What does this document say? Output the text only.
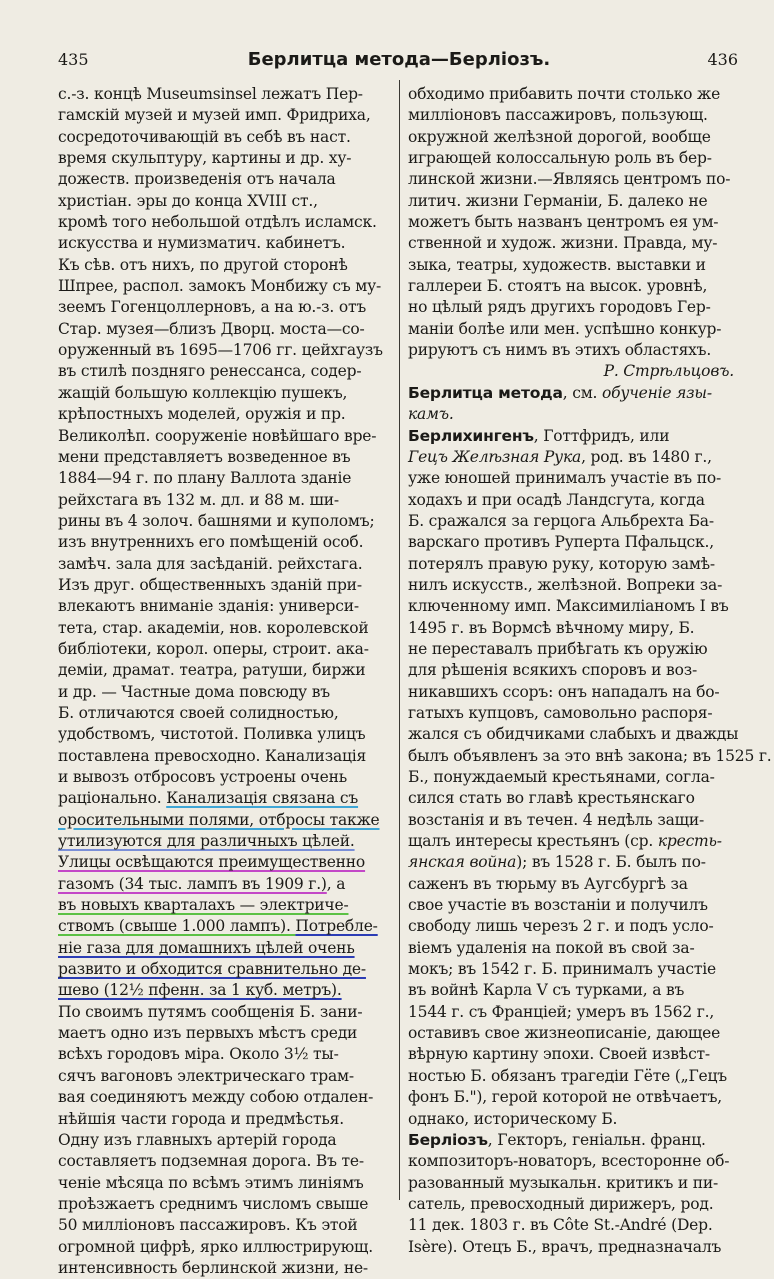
435	Берлитца метода—Берліозъ.	436
с.-з. концѣ Museumsinsel лежатъ Пер-
гамскій музей и музей имп. Фридриха,
сосредоточивающій въ себѣ въ наст.
время скульптуру, картины и др. ху-
дожеств. произведенія отъ начала
христіан. эры до конца XVIII ст.,
кромѣ того небольшой отдѣлъ исламск.
искусства и нумизматич. кабинетъ.
Къ сѣв. отъ нихъ, по другой сторонѣ
Шпрее, распол. замокъ Монбижу съ му-
зеемъ Гогенцоллерновъ, а на ю.-з. отъ
Стар. музея—близъ Дворц. моста—со-
оруженный въ 1695—1706 гг. цейхгаузъ
въ стилѣ поздняго ренессанса, содер-
жащій большую коллекцію пушекъ,
крѣпостныхъ моделей, оружія и пр.
Великолѣп. сооруженіе новѣйшаго вре-
мени представляетъ возведенное въ
1884—94 г. по плану Валлота зданіе
рейхстага въ 132 м. дл. и 88 м. ши-
рины въ 4 золоч. башнями и куполомъ;
изъ внутреннихъ его помѣщеній особ.
замѣч. зала для засѣданій. рейхстага.
Изъ друг. общественныхъ зданій при-
влекаютъ вниманіе зданія: универси-
тета, стар. академіи, нов. королевской
библіотеки, корол. оперы, строит. ака-
деміи, драмат. театра, ратуши, биржи
и др. — Частные дома повсюду въ
Б. отличаются своей солидностью,
удобствомъ, чистотой. Поливка улицъ
поставлена превосходно. Канализація
и вывозъ отбросовъ устроены очень
раціонально. Канализація связана съ
оросительными полями, отбросы также
утилизуются для различныхъ цѣлей.
Улицы освѣщаются преимущественно
газомъ (34 тыс. лампъ въ 1909 г.), а
въ новыхъ кварталахъ — электриче-
ствомъ (свыше 1.000 лампъ). Потребле-
ніе газа для домашнихъ цѣлей очень
развито и обходится сравнительно де-
шево (12½ пфенн. за 1 куб. метръ).
По своимъ путямъ сообщенія Б. зани-
маетъ одно изъ первыхъ мѣстъ среди
всѣхъ городовъ міра. Около 3½ ты-
сячъ вагоновъ электрическаго трам-
вая соединяютъ между собою отдален-
нѣйшія части города и предмѣстья.
Одну изъ главныхъ артерій города
составляетъ подземная дорога. Въ те-
ченіе мѣсяца по всѣмъ этимъ линіямъ
проѣзжаетъ среднимъ числомъ свыше
50 милліоновъ пассажировъ. Къ этой
огромной цифрѣ, ярко иллюстрирующ.
интенсивность берлинской жизни, не-
обходимо прибавить почти столько же
милліоновъ пассажировъ, пользующ.
окружной желѣзной дорогой, вообще
играющей колоссальную роль въ бер-
линской жизни.—Являясь центромъ по-
литич. жизни Германіи, Б. далеко не
можетъ быть названъ центромъ ея ум-
ственной и худож. жизни. Правда, му-
зыка, театры, художеств. выставки и
галлереи Б. стоятъ на высок. уровнѣ,
но цѣлый рядъ другихъ городовъ Гер-
маніи болѣе или мен. успѣшно конкур-
рируютъ съ нимъ въ этихъ областяхъ.
Р. Стрѣльцовъ.
Берлитца метода, см. обученіе язы-
камъ.
Берлихингенъ, Готтфридъ, или
Гецъ Желѣзная Рука, род. въ 1480 г.,
уже юношей принималъ участіе въ по-
ходахъ и при осадѣ Ландсгута, когда
Б. сражался за герцога Альбрехта Ба-
варскаго противъ Руперта Пфальцск.,
потерялъ правую руку, которую замѣ-
нилъ искусств., желѣзной. Вопреки за-
ключенному имп. Максимиліаномъ I въ
1495 г. въ Вормсѣ вѣчному миру, Б.
не переставалъ прибѣгать къ оружію
для рѣшенія всякихъ споровъ и воз-
никавшихъ ссоръ: онъ нападалъ на бо-
гатыхъ купцовъ, самовольно распоря-
жался съ обидчиками слабыхъ и дважды
былъ объявленъ за это внѣ закона; въ 1525 г.
Б., понуждаемый крестьянами, согла-
сился стать во главѣ крестьянскаго
возстанія и въ течен. 4 недѣль защи-
щалъ интересы крестьянъ (ср. кресть-
янская война); въ 1528 г. Б. былъ по-
саженъ въ тюрьму въ Аугсбургѣ за
свое участіе въ возстаніи и получилъ
свободу лишь черезъ 2 г. и подъ усло-
віемъ удаленія на покой въ свой за-
мокъ; въ 1542 г. Б. принималъ участіе
въ войнѣ Карла V съ турками, а въ
1544 г. съ Франціей; умеръ въ 1562 г.,
оставивъ свое жизнеописаніе, дающее
вѣрную картину эпохи. Своей извѣст-
ностью Б. обязанъ трагедіи Гёте („Гецъ
фонъ Б."), герой которой не отвѣчаетъ,
однако, историческому Б.
Берліозъ, Гекторъ, геніальн. франц.
композиторъ-новаторъ, всесторонне об-
разованный музыкальн. критикъ и пи-
сатель, превосходный дирижеръ, род.
11 дек. 1803 г. въ Côte St.-André (Dep.
Isère). Отецъ Б., врачъ, предназначалъ
